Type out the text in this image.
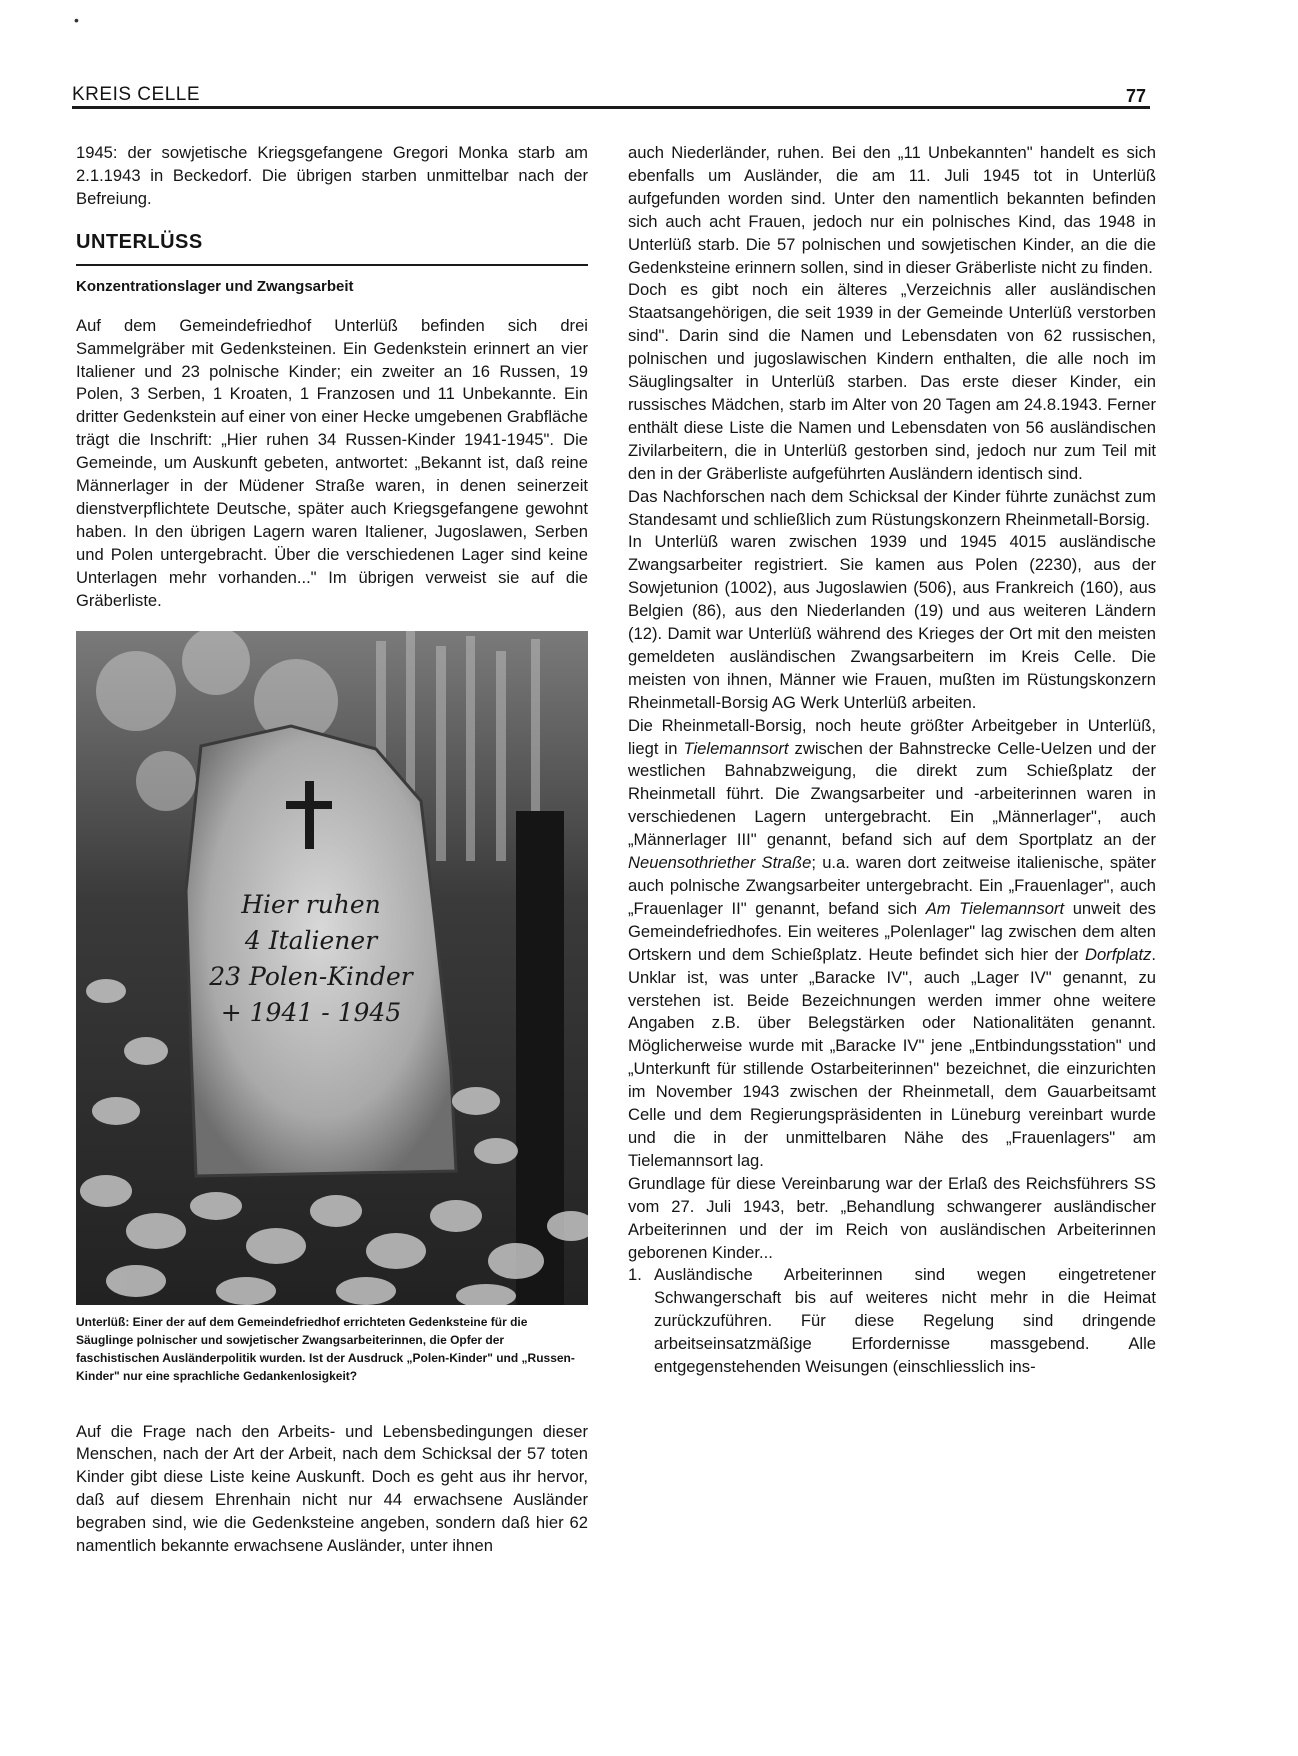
•
KREIS CELLE	77

1945: der sowjetische Kriegsgefangene Gregori Monka starb am 2.1.1943 in Beckedorf. Die übrigen starben unmittelbar nach der Befreiung.

UNTERLÜSS
Konzentrationslager und Zwangsarbeit

Auf dem Gemeindefriedhof Unterlüß befinden sich drei Sammelgräber mit Gedenksteinen. Ein Gedenkstein erinnert an vier Italiener und 23 polnische Kinder; ein zweiter an 16 Russen, 19 Polen, 3 Serben, 1 Kroaten, 1 Franzosen und 11 Unbekannte. Ein dritter Gedenkstein auf einer von einer Hecke umgebenen Grabfläche trägt die Inschrift: „Hier ruhen 34 Russen-Kinder 1941-1945". Die Gemeinde, um Auskunft gebeten, antwortet: „Bekannt ist, daß reine Männerlager in der Müdener Straße waren, in denen seinerzeit dienstverpflichtete Deutsche, später auch Kriegsgefangene gewohnt haben. In den übrigen Lagern waren Italiener, Jugoslawen, Serben und Polen untergebracht. Über die verschiedenen Lager sind keine Unterlagen mehr vorhanden..." Im übrigen verweist sie auf die Gräberliste.

Hier ruhen
4 Italiener
23 Polen-Kinder
+ 1941 - 1945
Unterlüß: Einer der auf dem Gemeindefriedhof errichteten Gedenksteine für die Säuglinge polnischer und sowjetischer Zwangsarbeiterinnen, die Opfer der faschistischen Ausländerpolitik wurden. Ist der Ausdruck „Polen-Kinder" und „Russen-Kinder" nur eine sprachliche Gedankenlosigkeit?

Auf die Frage nach den Arbeits- und Lebensbedingungen dieser Menschen, nach der Art der Arbeit, nach dem Schicksal der 57 toten Kinder gibt diese Liste keine Auskunft. Doch es geht aus ihr hervor, daß auf diesem Ehrenhain nicht nur 44 erwachsene Ausländer begraben sind, wie die Gedenksteine angeben, sondern daß hier 62 namentlich bekannte erwachsene Ausländer, unter ihnen

auch Niederländer, ruhen. Bei den „11 Unbekannten" handelt es sich ebenfalls um Ausländer, die am 11. Juli 1945 tot in Unterlüß aufgefunden worden sind. Unter den namentlich bekannten befinden sich auch acht Frauen, jedoch nur ein polnisches Kind, das 1948 in Unterlüß starb. Die 57 polnischen und sowjetischen Kinder, an die die Gedenksteine erinnern sollen, sind in dieser Gräberliste nicht zu finden.

Doch es gibt noch ein älteres „Verzeichnis aller ausländischen Staatsangehörigen, die seit 1939 in der Gemeinde Unterlüß verstorben sind". Darin sind die Namen und Lebensdaten von 62 russischen, polnischen und jugoslawischen Kindern enthalten, die alle noch im Säuglingsalter in Unterlüß starben. Das erste dieser Kinder, ein russisches Mädchen, starb im Alter von 20 Tagen am 24.8.1943. Ferner enthält diese Liste die Namen und Lebensdaten von 56 ausländischen Zivilarbeitern, die in Unterlüß gestorben sind, jedoch nur zum Teil mit den in der Gräberliste aufgeführten Ausländern identisch sind.

Das Nachforschen nach dem Schicksal der Kinder führte zunächst zum Standesamt und schließlich zum Rüstungskonzern Rheinmetall-Borsig.

In Unterlüß waren zwischen 1939 und 1945 4015 ausländische Zwangsarbeiter registriert. Sie kamen aus Polen (2230), aus der Sowjetunion (1002), aus Jugoslawien (506), aus Frankreich (160), aus Belgien (86), aus den Niederlanden (19) und aus weiteren Ländern (12). Damit war Unterlüß während des Krieges der Ort mit den meisten gemeldeten ausländischen Zwangsarbeitern im Kreis Celle. Die meisten von ihnen, Männer wie Frauen, mußten im Rüstungskonzern Rheinmetall-Borsig AG Werk Unterlüß arbeiten.

Die Rheinmetall-Borsig, noch heute größter Arbeitgeber in Unterlüß, liegt in Tielemannsort zwischen der Bahnstrecke Celle-Uelzen und der westlichen Bahnabzweigung, die direkt zum Schießplatz der Rheinmetall führt. Die Zwangsarbeiter und -arbeiterinnen waren in verschiedenen Lagern untergebracht. Ein „Männerlager", auch „Männerlager III" genannt, befand sich auf dem Sportplatz an der Neuensothriether Straße; u.a. waren dort zeitweise italienische, später auch polnische Zwangsarbeiter untergebracht. Ein „Frauenlager", auch „Frauenlager II" genannt, befand sich Am Tielemannsort unweit des Gemeindefriedhofes. Ein weiteres „Polenlager" lag zwischen dem alten Ortskern und dem Schießplatz. Heute befindet sich hier der Dorfplatz. Unklar ist, was unter „Baracke IV", auch „Lager IV" genannt, zu verstehen ist. Beide Bezeichnungen werden immer ohne weitere Angaben z.B. über Belegstärken oder Nationalitäten genannt. Möglicherweise wurde mit „Baracke IV" jene „Entbindungsstation" und „Unterkunft für stillende Ostarbeiterinnen" bezeichnet, die einzurichten im November 1943 zwischen der Rheinmetall, dem Gauarbeitsamt Celle und dem Regierungspräsidenten in Lüneburg vereinbart wurde und die in der unmittelbaren Nähe des „Frauenlagers" am Tielemannsort lag.

Grundlage für diese Vereinbarung war der Erlaß des Reichsführers SS vom 27. Juli 1943, betr. „Behandlung schwangerer ausländischer Arbeiterinnen und der im Reich von ausländischen Arbeiterinnen geborenen Kinder...

1. Ausländische Arbeiterinnen sind wegen eingetretener Schwangerschaft bis auf weiteres nicht mehr in die Heimat zurückzuführen. Für diese Regelung sind dringende arbeitseinsatzmäßige Erfordernisse massgebend. Alle entgegenstehenden Weisungen (einschliesslich ins-
